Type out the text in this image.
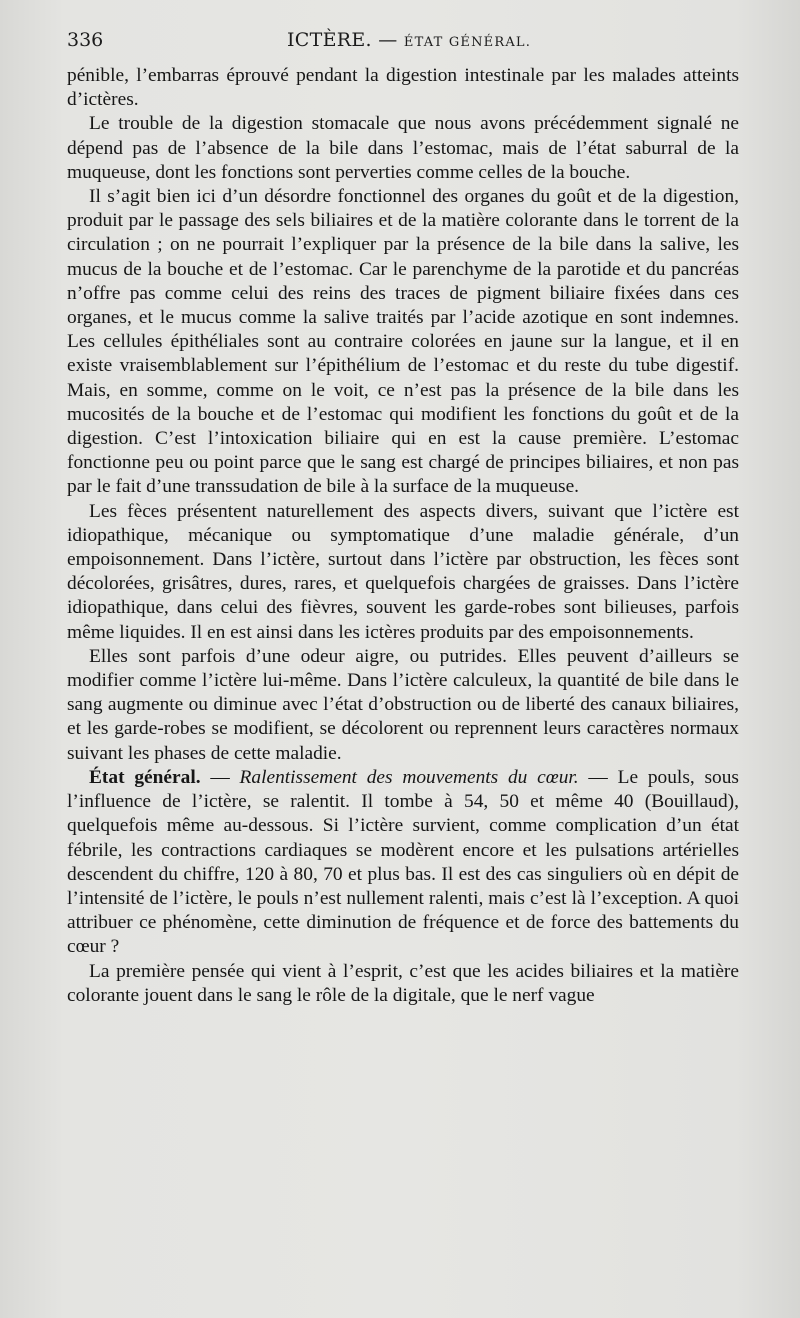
336	ICTÈRE. — ÉTAT GÉNÉRAL.

pénible, l’embarras éprouvé pendant la digestion intestinale par les malades atteints d’ictères.

Le trouble de la digestion stomacale que nous avons précédemment signalé ne dépend pas de l’absence de la bile dans l’estomac, mais de l’état saburral de la muqueuse, dont les fonctions sont perverties comme celles de la bouche.

Il s’agit bien ici d’un désordre fonctionnel des organes du goût et de la digestion, produit par le passage des sels biliaires et de la matière colorante dans le torrent de la circulation ; on ne pourrait l’expliquer par la présence de la bile dans la salive, les mucus de la bouche et de l’estomac. Car le parenchyme de la parotide et du pancréas n’offre pas comme celui des reins des traces de pigment biliaire fixées dans ces organes, et le mucus comme la salive traités par l’acide azotique en sont indemnes. Les cellules épithéliales sont au contraire colorées en jaune sur la langue, et il en existe vraisemblablement sur l’épithélium de l’estomac et du reste du tube digestif. Mais, en somme, comme on le voit, ce n’est pas la présence de la bile dans les mucosités de la bouche et de l’estomac qui modifient les fonctions du goût et de la digestion. C’est l’intoxication biliaire qui en est la cause première. L’estomac fonctionne peu ou point parce que le sang est chargé de principes biliaires, et non pas par le fait d’une transsudation de bile à la surface de la muqueuse.

Les fèces présentent naturellement des aspects divers, suivant que l’ictère est idiopathique, mécanique ou symptomatique d’une maladie générale, d’un empoisonnement. Dans l’ictère, surtout dans l’ictère par obstruction, les fèces sont décolorées, grisâtres, dures, rares, et quelquefois chargées de graisses. Dans l’ictère idiopathique, dans celui des fièvres, souvent les garde-robes sont bilieuses, parfois même liquides. Il en est ainsi dans les ictères produits par des empoisonnements.

Elles sont parfois d’une odeur aigre, ou putrides. Elles peuvent d’ailleurs se modifier comme l’ictère lui-même. Dans l’ictère calculeux, la quantité de bile dans le sang augmente ou diminue avec l’état d’obstruction ou de liberté des canaux biliaires, et les garde-robes se modifient, se décolorent ou reprennent leurs caractères normaux suivant les phases de cette maladie.

État général. — Ralentissement des mouvements du cœur. — Le pouls, sous l’influence de l’ictère, se ralentit. Il tombe à 54, 50 et même 40 (Bouillaud), quelquefois même au-dessous. Si l’ictère survient, comme complication d’un état fébrile, les contractions cardiaques se modèrent encore et les pulsations artérielles descendent du chiffre, 120 à 80, 70 et plus bas. Il est des cas singuliers où en dépit de l’intensité de l’ictère, le pouls n’est nullement ralenti, mais c’est là l’exception. A quoi attribuer ce phénomène, cette diminution de fréquence et de force des battements du cœur ?

La première pensée qui vient à l’esprit, c’est que les acides biliaires et la matière colorante jouent dans le sang le rôle de la digitale, que le nerf vague
